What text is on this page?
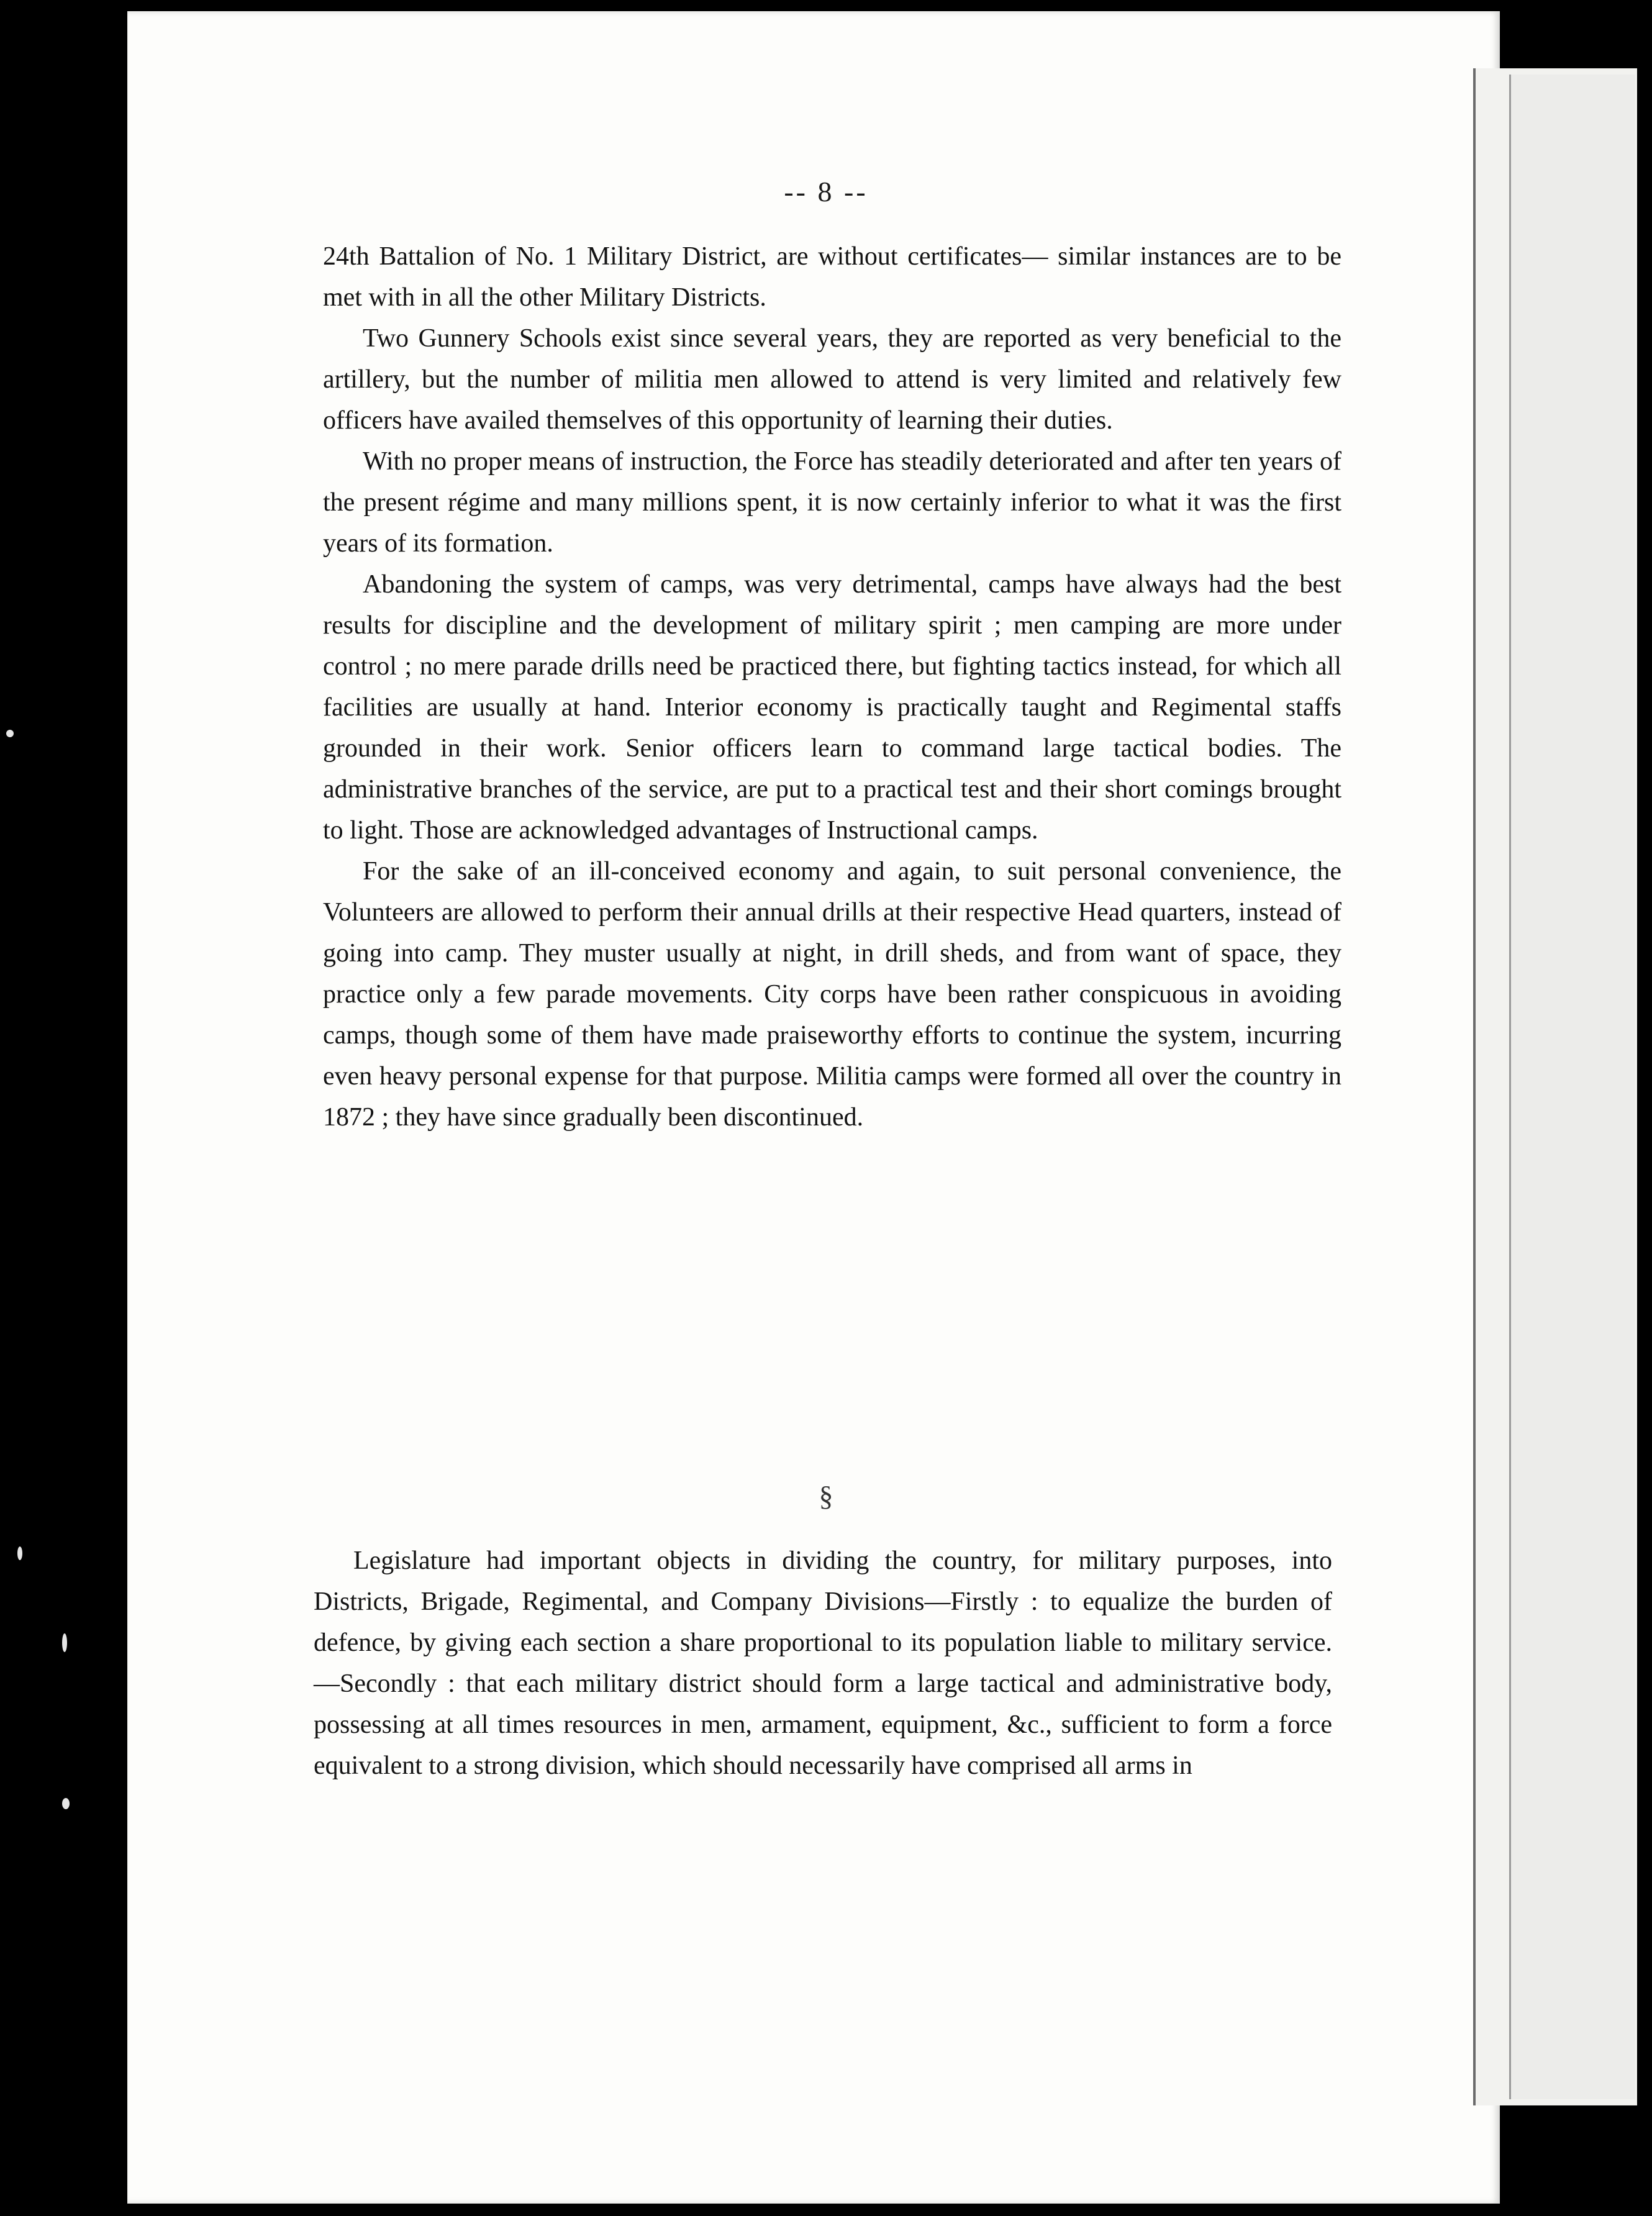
-- 8 --

24th Battalion of No. 1 Military District, are without certificates— similar instances are to be met with in all the other Military Districts.

Two Gunnery Schools exist since several years, they are reported as very beneficial to the artillery, but the number of militia men allowed to attend is very limited and relatively few officers have availed themselves of this opportunity of learning their duties.

With no proper means of instruction, the Force has steadily deteriorated and after ten years of the present régime and many millions spent, it is now certainly inferior to what it was the first years of its formation.

Abandoning the system of camps, was very detrimental, camps have always had the best results for discipline and the development of military spirit ; men camping are more under control ; no mere parade drills need be practiced there, but fighting tactics instead, for which all facilities are usually at hand. Interior economy is practically taught and Regimental staffs grounded in their work. Senior officers learn to command large tactical bodies. The administrative branches of the service, are put to a practical test and their short comings brought to light. Those are acknowledged advantages of Instructional camps.

For the sake of an ill-conceived economy and again, to suit personal convenience, the Volunteers are allowed to perform their annual drills at their respective Head quarters, instead of going into camp. They muster usually at night, in drill sheds, and from want of space, they practice only a few parade movements. City corps have been rather conspicuous in avoiding camps, though some of them have made praiseworthy efforts to continue the system, incurring even heavy personal expense for that purpose. Militia camps were formed all over the country in 1872 ; they have since gradually been discontinued.

§

Legislature had important objects in dividing the country, for military purposes, into Districts, Brigade, Regimental, and Company Divisions—Firstly : to equalize the burden of defence, by giving each section a share proportional to its population liable to military service. —Secondly : that each military district should form a large tactical and administrative body, possessing at all times resources in men, armament, equipment, &c., sufficient to form a force equivalent to a strong division, which should necessarily have comprised all arms in
